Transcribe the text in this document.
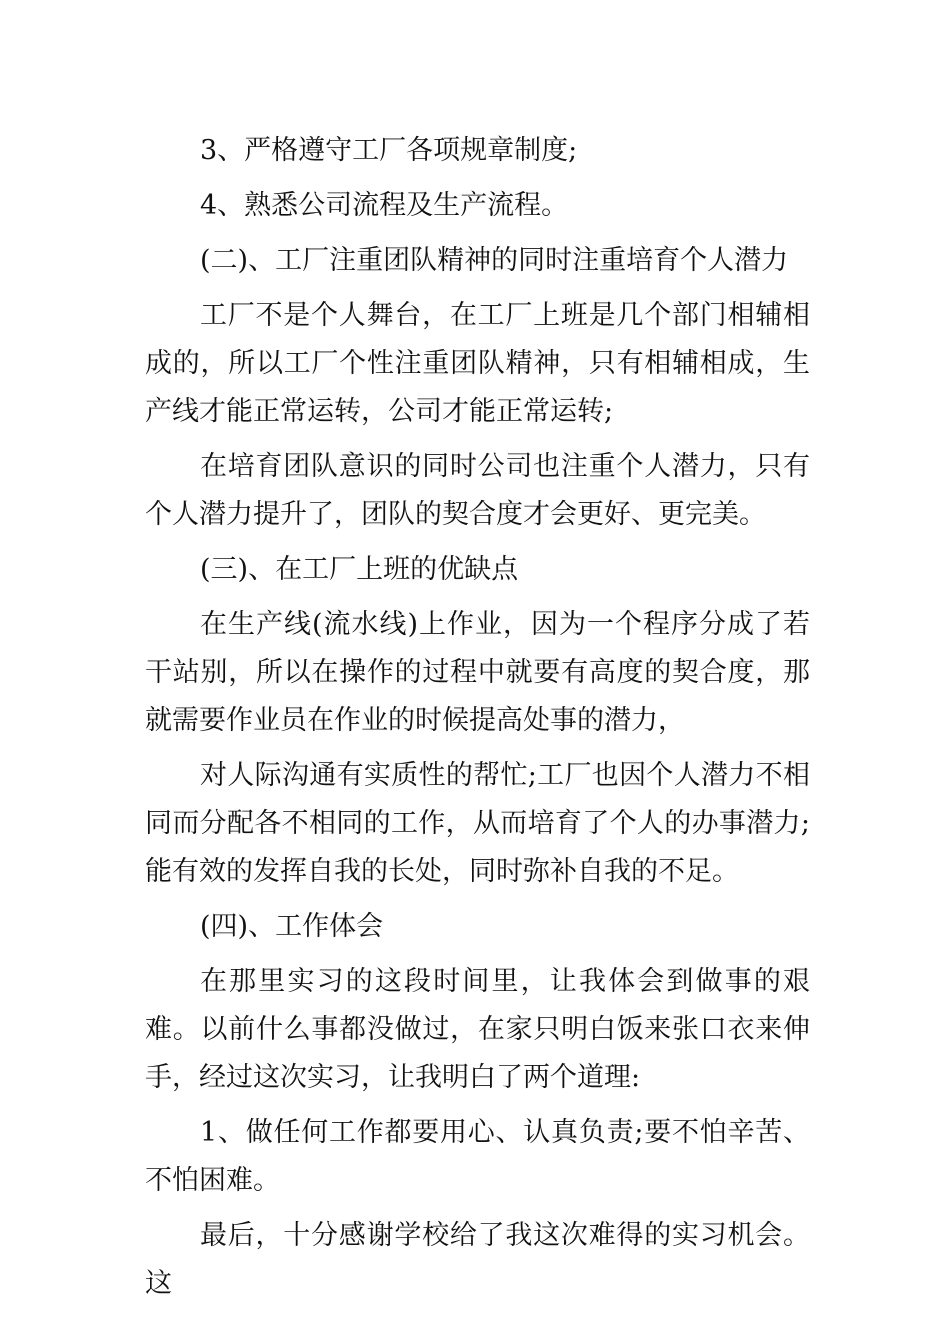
3、严格遵守工厂各项规章制度;

4、熟悉公司流程及生产流程。

(二)、工厂注重团队精神的同时注重培育个人潜力

工厂不是个人舞台，在工厂上班是几个部门相辅相成的，所以工厂个性注重团队精神，只有相辅相成，生产线才能正常运转，公司才能正常运转;

在培育团队意识的同时公司也注重个人潜力，只有个人潜力提升了，团队的契合度才会更好、更完美。

(三)、在工厂上班的优缺点

在生产线(流水线)上作业，因为一个程序分成了若干站别，所以在操作的过程中就要有高度的契合度，那就需要作业员在作业的时候提高处事的潜力，

对人际沟通有实质性的帮忙;工厂也因个人潜力不相同而分配各不相同的工作，从而培育了个人的办事潜力;能有效的发挥自我的长处，同时弥补自我的不足。

(四)、工作体会

在那里实习的这段时间里，让我体会到做事的艰难。以前什么事都没做过，在家只明白饭来张口衣来伸手，经过这次实习，让我明白了两个道理:

1、做任何工作都要用心、认真负责;要不怕辛苦、不怕困难。

最后，十分感谢学校给了我这次难得的实习机会。这
